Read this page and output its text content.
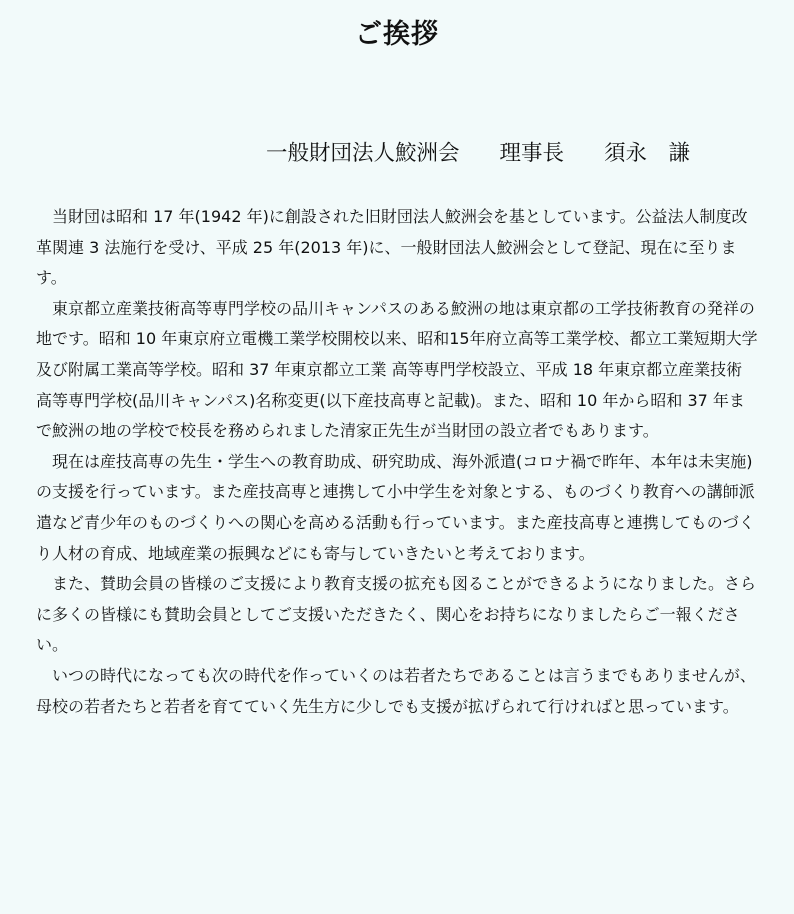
ご挨拶
一般財団法人鮫洲会 理事長 須永　謙

当財団は昭和 17 年(1942 年)に創設された旧財団法人鮫洲会を基としています。公益法人制度改革関連 3 法施行を受け、平成 25 年(2013 年)に、一般財団法人鮫洲会として登記、現在に至ります。

東京都立産業技術高等専門学校の品川キャンパスのある鮫洲の地は東京都の工学技術教育の発祥の地です。昭和 10 年東京府立電機工業学校開校以来、昭和15年府立高等工業学校、都立工業短期大学及び附属工業高等学校。昭和 37 年東京都立工業 高等専門学校設立、平成 18 年東京都立産業技術高等専門学校(品川キャンパス)名称変更(以下産技高専と記載)。また、昭和 10 年から昭和 37 年まで鮫洲の地の学校で校長を務められました清家正先生が当財団の設立者でもあります。

現在は産技高専の先生・学生への教育助成、研究助成、海外派遣(コロナ禍で昨年、本年は未実施)の支援を行っています。また産技高専と連携して小中学生を対象とする、ものづくり教育への講師派遣など青少年のものづくりへの関心を高める活動も行っています。また産技高専と連携してものづくり人材の育成、地域産業の振興などにも寄与していきたいと考えております。

また、賛助会員の皆様のご支援により教育支援の拡充も図ることができるようになりました。さらに多くの皆様にも賛助会員としてご支援いただきたく、関心をお持ちになりましたらご一報ください。

いつの時代になっても次の時代を作っていくのは若者たちであることは言うまでもありませんが、母校の若者たちと若者を育てていく先生方に少しでも支援が拡げられて行ければと思っています。
